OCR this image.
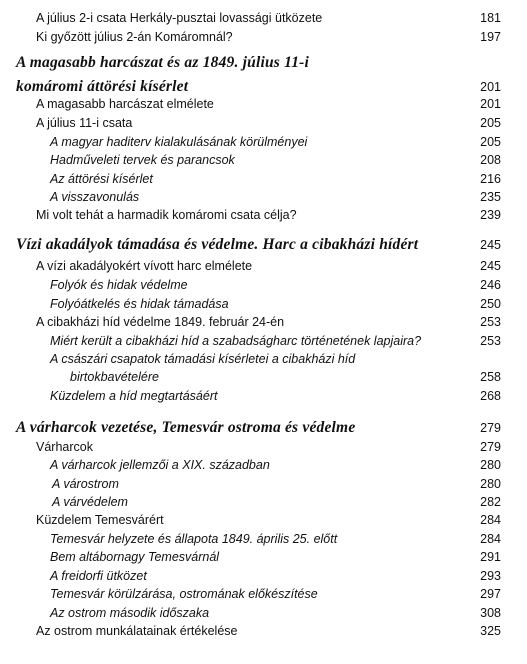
A július 2-i csata Herkály-pusztai lovassági ütközete	181
Ki győzött július 2-án Komáromnál?	197
A magasabb harcászat és az 1849. július 11-i
komáromi áttörési kísérlet	201
A magasabb harcászat elmélete	201
A július 11-i csata	205
A magyar haditerv kialakulásának körülményei	205
Hadműveleti tervek és parancsok	208
Az áttörési kísérlet	216
A visszavonulás	235
Mi volt tehát a harmadik komáromi csata célja?	239
Vízi akadályok támadása és védelme. Harc a cibakházi hídért	245
A vízi akadályokért vívott harc elmélete	245
Folyók és hidak védelme	246
Folyóátkelés és hidak támadása	250
A cibakházi híd védelme 1849. február 24-én	253
Miért került a cibakházi híd a szabadságharc történetének lapjaira?	253
A császári csapatok támadási kísérletei a cibakházi híd
birtokbavételére	258
Küzdelem a híd megtartásáért	268
A várharcok vezetése, Temesvár ostroma és védelme	279
Várharcok	279
A várharcok jellemzői a XIX. században	280
A várostrom	280
A várvédelem	282
Küzdelem Temesvárért	284
Temesvár helyzete és állapota 1849. április 25. előtt	284
Bem altábornagy Temesvárnál	291
A freidorfi ütközet	293
Temesvár körülzárása, ostromának előkészítése	297
Az ostrom második időszaka	308
Az ostrom munkálatainak értékelése	325
